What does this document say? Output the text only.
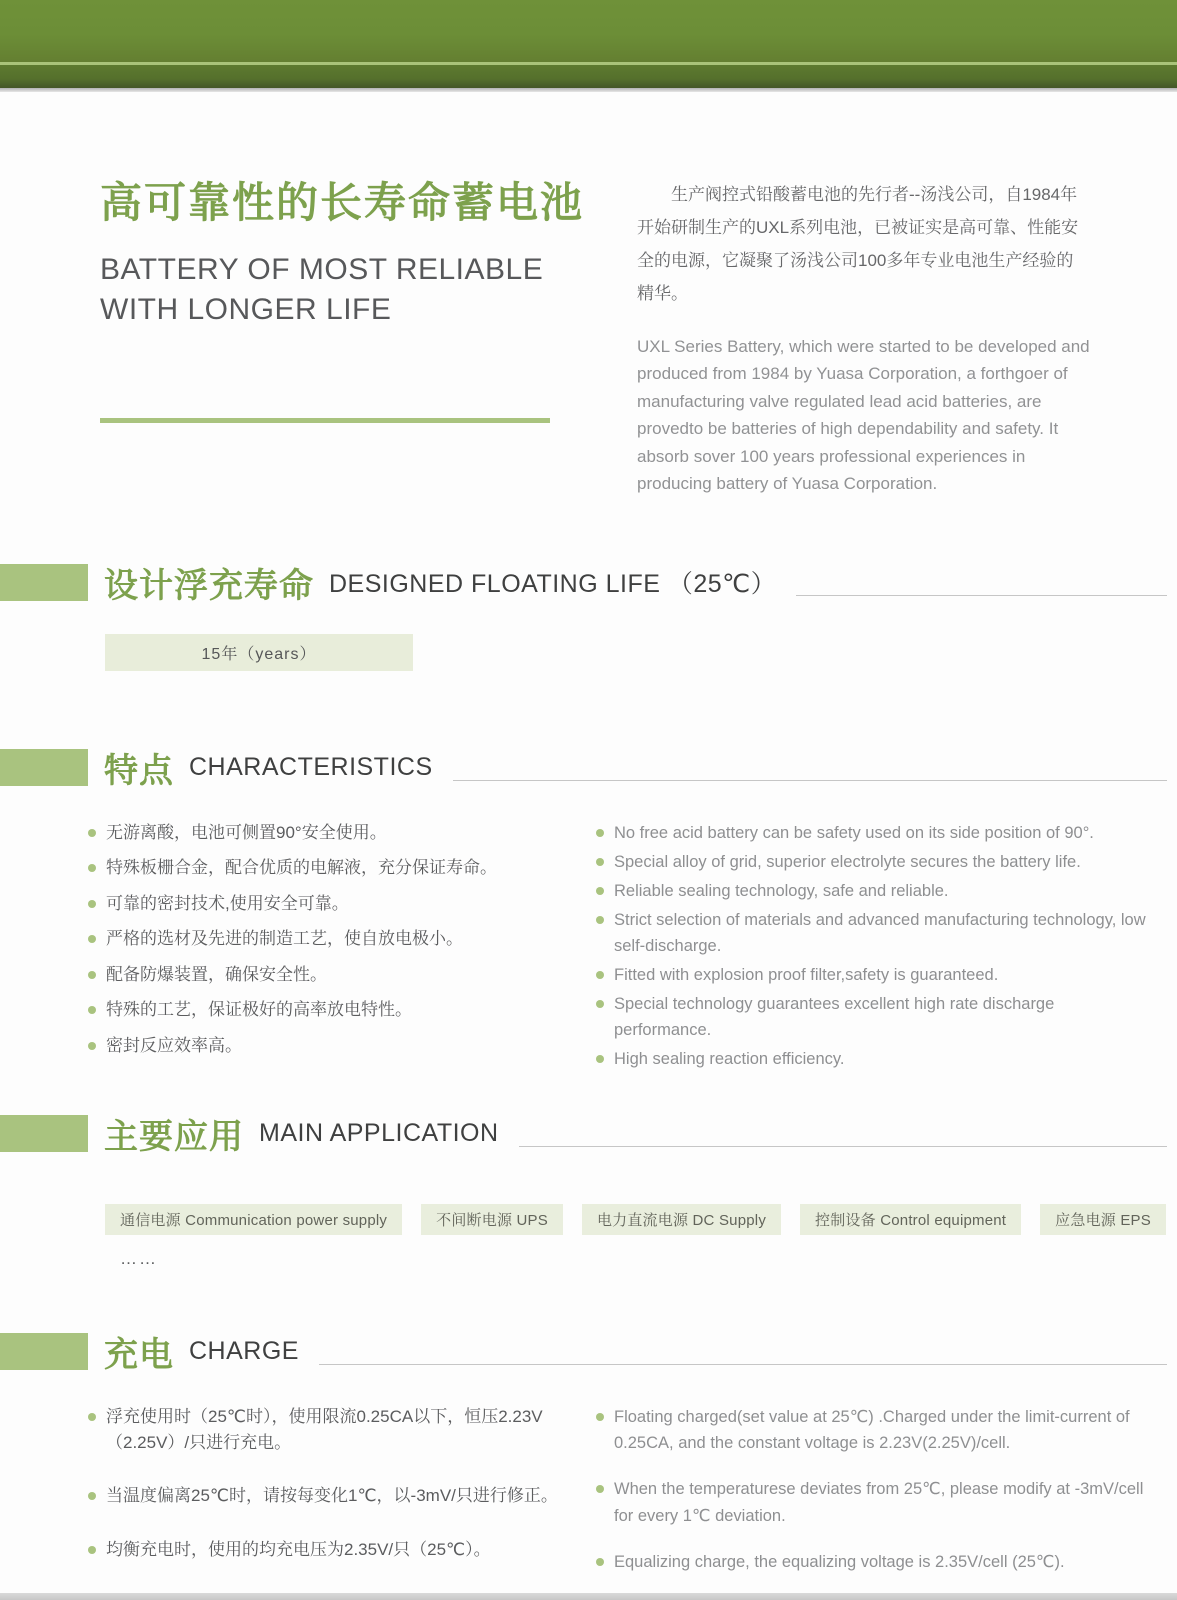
高可靠性的长寿命蓄电池
BATTERY OF MOST RELIABLE WITH LONGER LIFE

生产阀控式铅酸蓄电池的先行者--汤浅公司，自1984年开始研制生产的UXL系列电池，已被证实是高可靠、性能安全的电源，它凝聚了汤浅公司100多年专业电池生产经验的精华。

UXL Series Battery, which were started to be developed and produced from 1984 by Yuasa Corporation, a forthgoer of manufacturing valve regulated lead acid batteries, are provedto be batteries of high dependability and safety. It absorb sover 100 years professional experiences in producing battery of Yuasa Corporation.

设计浮充寿命 DESIGNED FLOATING LIFE （25℃）
15年（years）
特点 CHARACTERISTICS
无游离酸，电池可侧置90°安全使用。
特殊板栅合金，配合优质的电解液，充分保证寿命。
可靠的密封技术,使用安全可靠。
严格的选材及先进的制造工艺，使自放电极小。
配备防爆装置，确保安全性。
特殊的工艺，保证极好的高率放电特性。
密封反应效率高。
No free acid battery can be safety used on its side position of 90°.
Special alloy of grid, superior electrolyte secures the battery life.
Reliable sealing technology, safe and reliable.
Strict selection of materials and advanced manufacturing technology, low self-discharge.
Fitted with explosion proof filter,safety is guaranteed.
Special technology guarantees excellent high rate discharge performance.
High sealing reaction efficiency.
主要应用 MAIN APPLICATION
通信电源 Communication power supply	不间断电源 UPS	电力直流电源 DC Supply	控制设备 Control equipment	应急电源 EPS
……
充电 CHARGE
浮充使用时（25℃时），使用限流0.25CA以下，恒压2.23V（2.25V）/只进行充电。
当温度偏离25℃时，请按每变化1℃，以-3mV/只进行修正。
均衡充电时，使用的均充电压为2.35V/只（25℃）。
Floating charged(set value at 25℃) .Charged under the limit-current of 0.25CA, and the constant voltage is 2.23V(2.25V)/cell.
When the temperaturese deviates from 25℃, please modify at -3mV/cell for every 1℃ deviation.
Equalizing charge, the equalizing voltage is 2.35V/cell (25℃).
